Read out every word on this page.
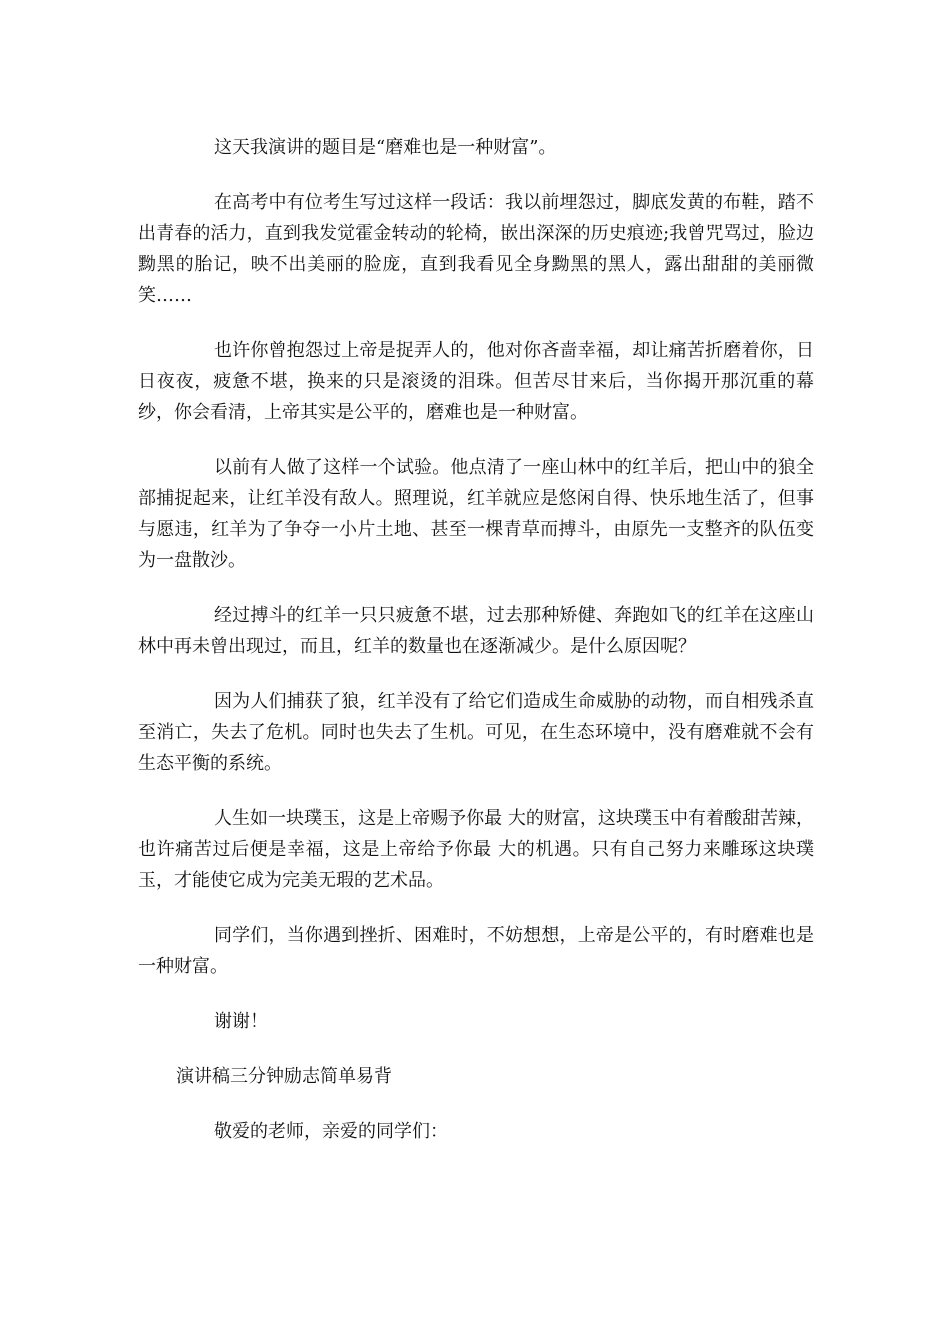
这天我演讲的题目是“磨难也是一种财富”。

在高考中有位考生写过这样一段话：我以前埋怨过，脚底发黄的布鞋，踏不出青春的活力，直到我发觉霍金转动的轮椅，嵌出深深的历史痕迹;我曾咒骂过，脸边黝黑的胎记，映不出美丽的脸庞，直到我看见全身黝黑的黑人，露出甜甜的美丽微笑……

也许你曾抱怨过上帝是捉弄人的，他对你吝啬幸福，却让痛苦折磨着你，日日夜夜，疲惫不堪，换来的只是滚烫的泪珠。但苦尽甘来后，当你揭开那沉重的幕纱，你会看清，上帝其实是公平的，磨难也是一种财富。

以前有人做了这样一个试验。他点清了一座山林中的红羊后，把山中的狼全部捕捉起来，让红羊没有敌人。照理说，红羊就应是悠闲自得、快乐地生活了，但事与愿违，红羊为了争夺一小片土地、甚至一棵青草而搏斗，由原先一支整齐的队伍变为一盘散沙。

经过搏斗的红羊一只只疲惫不堪，过去那种矫健、奔跑如飞的红羊在这座山林中再未曾出现过，而且，红羊的数量也在逐渐减少。是什么原因呢？

因为人们捕获了狼，红羊没有了给它们造成生命威胁的动物，而自相残杀直至消亡，失去了危机。同时也失去了生机。可见，在生态环境中，没有磨难就不会有生态平衡的系统。

人生如一块璞玉，这是上帝赐予你最 大的财富，这块璞玉中有着酸甜苦辣，也许痛苦过后便是幸福，这是上帝给予你最 大的机遇。只有自己努力来雕琢这块璞玉，才能使它成为完美无瑕的艺术品。

同学们，当你遇到挫折、困难时，不妨想想，上帝是公平的，有时磨难也是一种财富。

谢谢！

演讲稿三分钟励志简单易背

敬爱的老师，亲爱的同学们：
